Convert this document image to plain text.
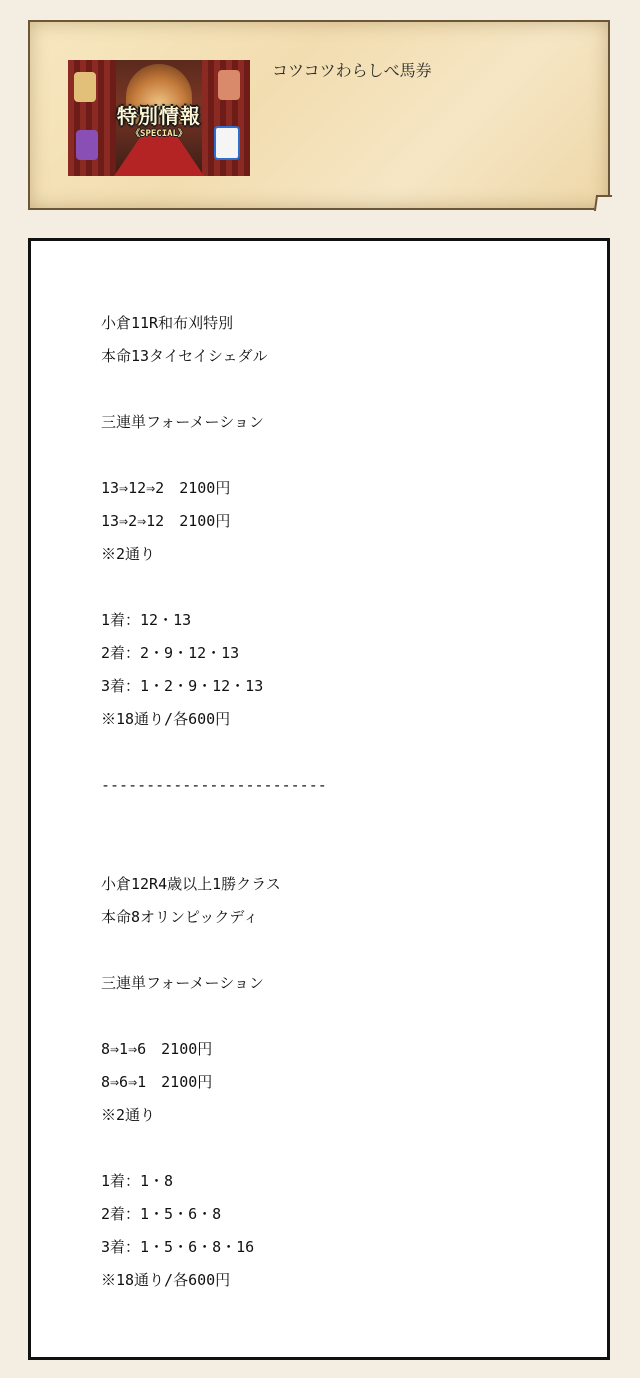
特別情報
《SPECIAL》
コツコツわらしべ馬券
小倉11R和布刈特別
本命13タイセイシェダル
三連単フォーメーション
13⇒12⇒2　2100円
13⇒2⇒12　2100円
※2通り
1着：12・13
2着：2・9・12・13
3着：1・2・9・12・13
※18通り/各600円
-------------------------
小倉12R4歳以上1勝クラス
本命8オリンピックディ
三連単フォーメーション
8⇒1⇒6　2100円
8⇒6⇒1　2100円
※2通り
1着：1・8
2着：1・5・6・8
3着：1・5・6・8・16
※18通り/各600円
